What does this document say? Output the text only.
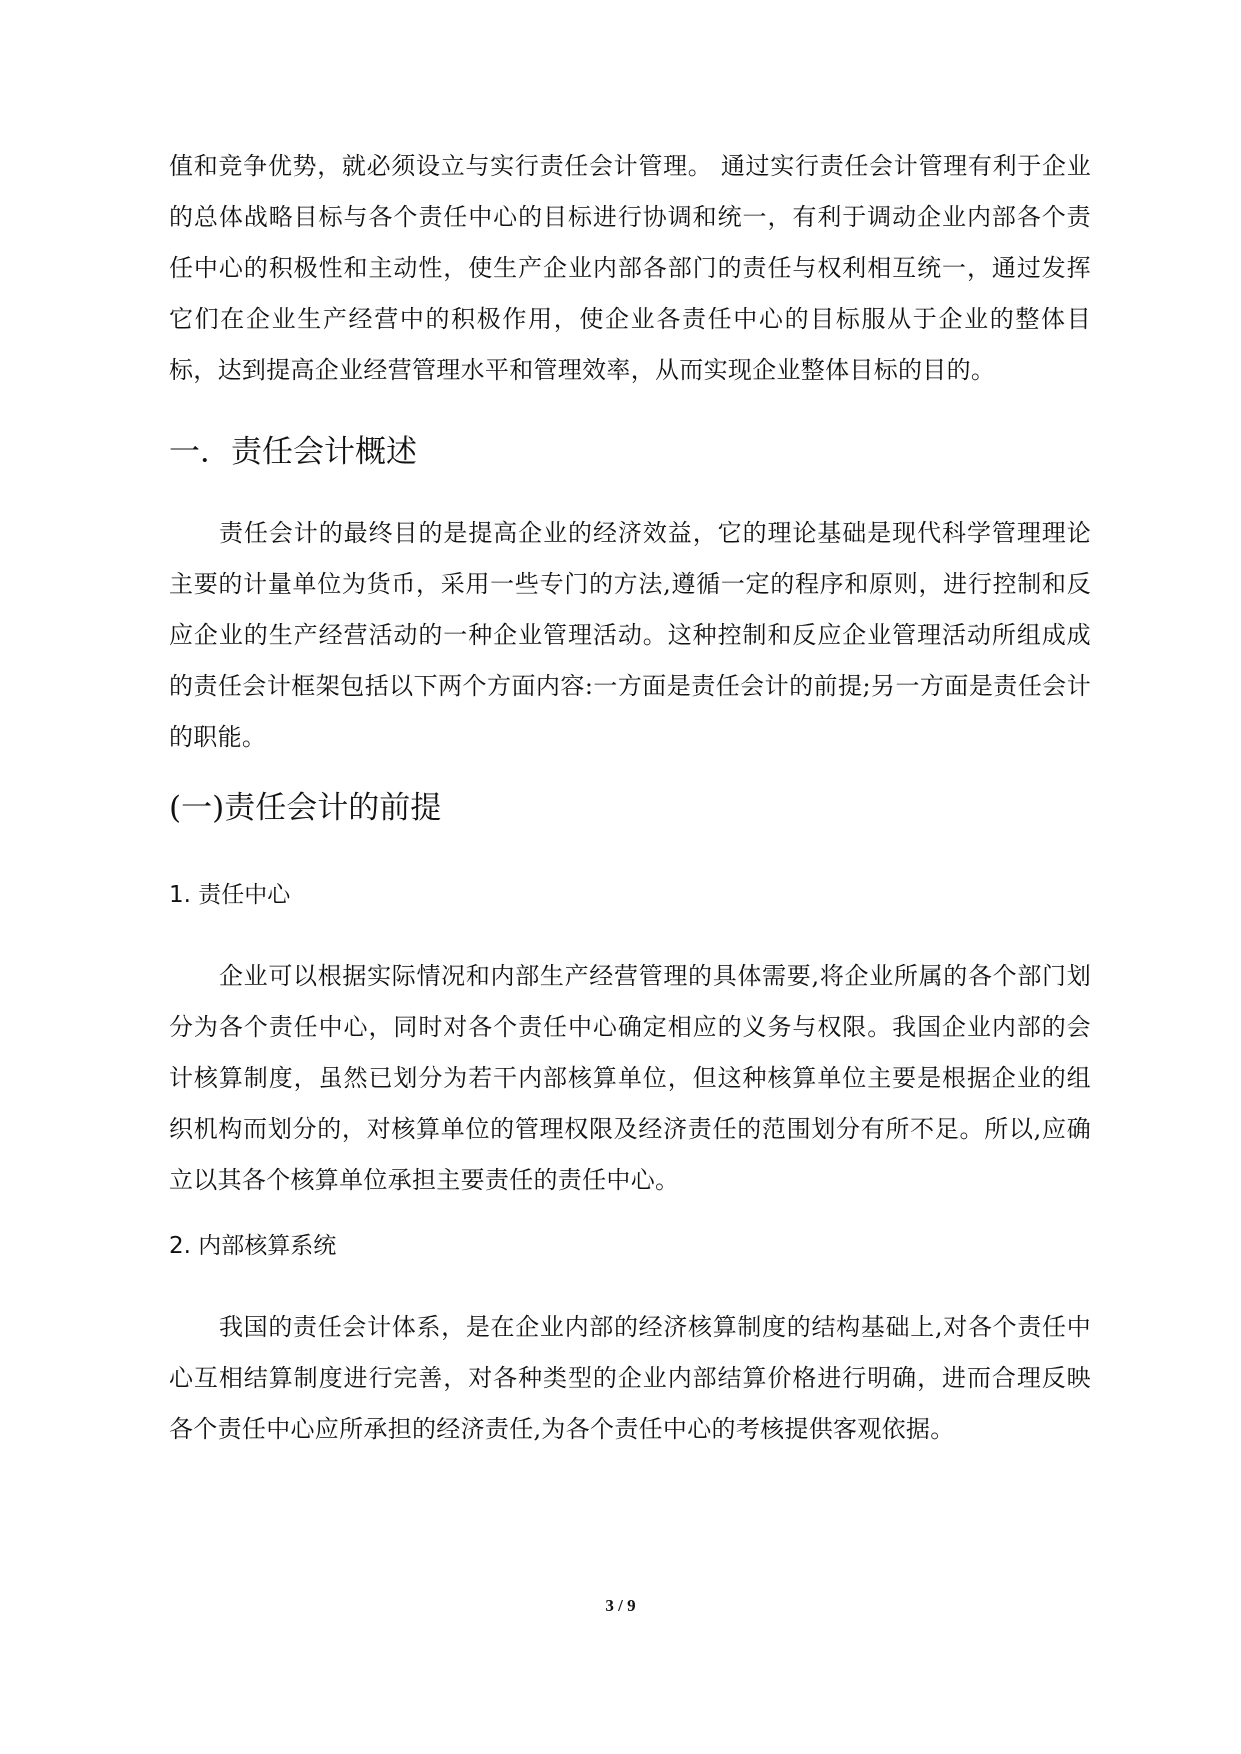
值和竞争优势，就必须设立与实行责任会计管理。 通过实行责任会计管理有利于企业的总体战略目标与各个责任中心的目标进行协调和统一，有利于调动企业内部各个责任中心的积极性和主动性，使生产企业内部各部门的责任与权利相互统一，通过发挥它们在企业生产经营中的积极作用，使企业各责任中心的目标服从于企业的整体目标，达到提高企业经营管理水平和管理效率，从而实现企业整体目标的目的。

一．责任会计概述

责任会计的最终目的是提高企业的经济效益，它的理论基础是现代科学管理理论主要的计量单位为货币，采用一些专门的方法,遵循一定的程序和原则，进行控制和反应企业的生产经营活动的一种企业管理活动。这种控制和反应企业管理活动所组成成的责任会计框架包括以下两个方面内容:一方面是责任会计的前提;另一方面是责任会计的职能。

(一)责任会计的前提
1. 责任中心

企业可以根据实际情况和内部生产经营管理的具体需要,将企业所属的各个部门划分为各个责任中心，同时对各个责任中心确定相应的义务与权限。我国企业内部的会计核算制度，虽然已划分为若干内部核算单位，但这种核算单位主要是根据企业的组织机构而划分的，对核算单位的管理权限及经济责任的范围划分有所不足。所以,应确立以其各个核算单位承担主要责任的责任中心。

2. 内部核算系统

我国的责任会计体系，是在企业内部的经济核算制度的结构基础上,对各个责任中心互相结算制度进行完善，对各种类型的企业内部结算价格进行明确，进而合理反映各个责任中心应所承担的经济责任,为各个责任中心的考核提供客观依据。

3 / 9
